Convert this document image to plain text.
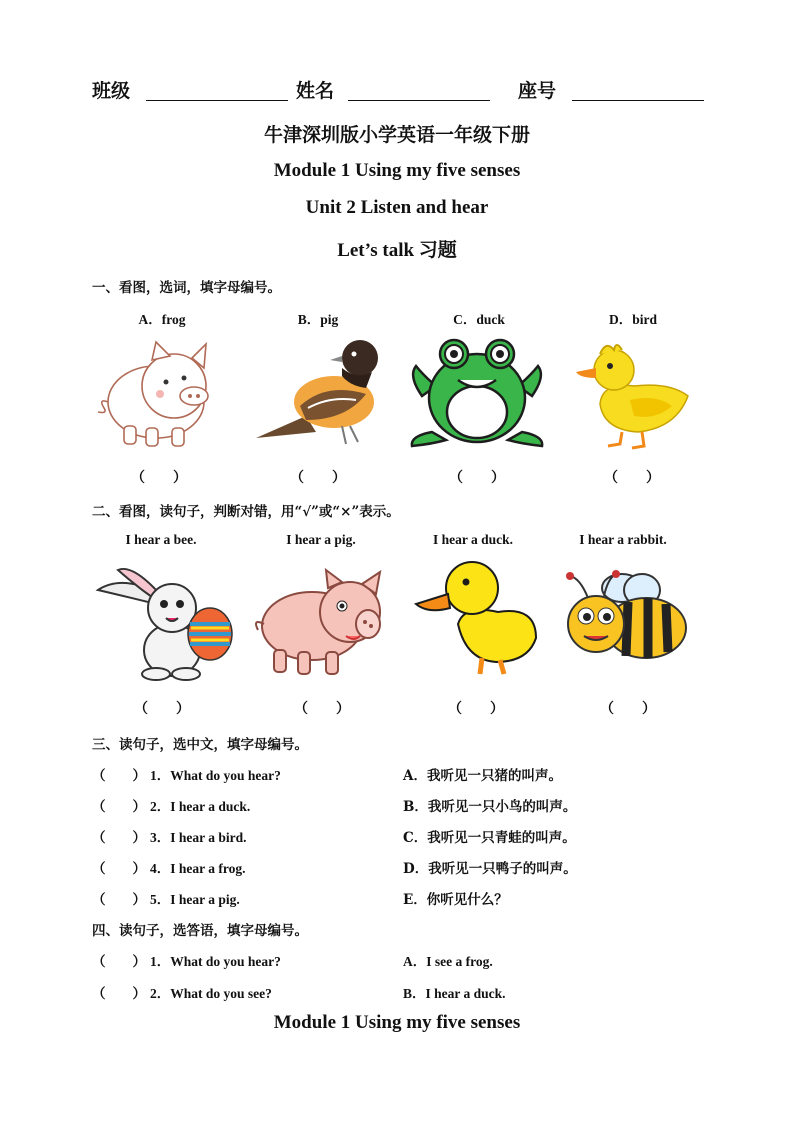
班级	姓名	座号
牛津深圳版小学英语一年级下册
Module 1 Using my five senses
Unit 2 Listen and hear
Let’s talk 习题
一、看图，选词，填字母编号。
A．frog	B．pig	C．duck	D．bird
（　　）	（　　）	（　　）	（　　）
二、看图，读句子，判断对错，用“√”或“×”表示。
I hear a bee.	I hear a pig.	I hear a duck.	I hear a rabbit.
（　　）	（　　）	（　　）	（　　）
三、读句子，选中文，填字母编号。
（　　） 1．What do you hear?
（　　） 2．I hear a duck.
（　　） 3．I hear a bird.
（　　） 4．I hear a frog.
（　　） 5．I hear a pig.
A．我听见一只猪的叫声。
B．我听见一只小鸟的叫声。
C．我听见一只青蛙的叫声。
D．我听见一只鸭子的叫声。
E．你听见什么？
四、读句子，选答语，填字母编号。
（　　） 1．What do you hear?
（　　） 2．What do you see?
A．I see a frog.
B．I hear a duck.
Module 1 Using my five senses
